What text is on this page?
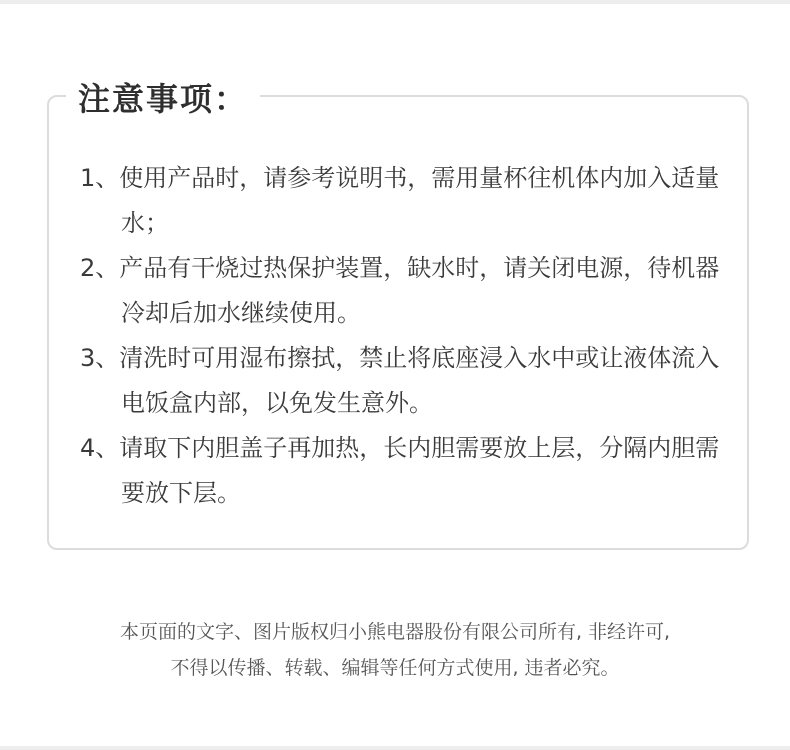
注意事项：
1、使用产品时，请参考说明书，需用量杯往机体内加入适量水；
2、产品有干烧过热保护装置，缺水时，请关闭电源，待机器冷却后加水继续使用。
3、清洗时可用湿布擦拭，禁止将底座浸入水中或让液体流入电饭盒内部，以免发生意外。
4、请取下内胆盖子再加热，长内胆需要放上层，分隔内胆需要放下层。
本页面的文字、图片版权归小熊电器股份有限公司所有, 非经许可,
不得以传播、转载、编辑等任何方式使用, 违者必究。
